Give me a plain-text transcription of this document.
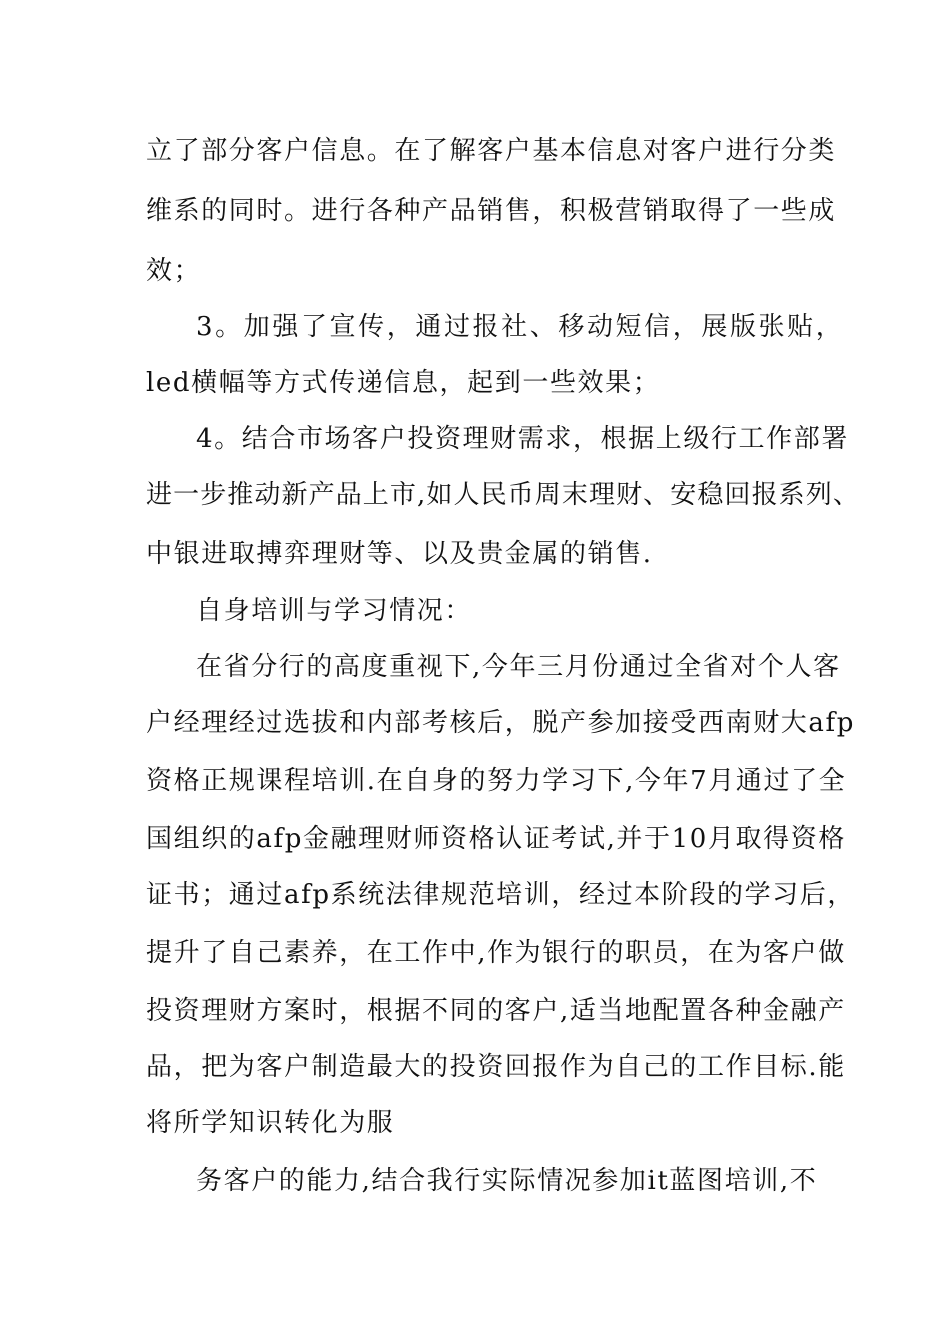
立了部分客户信息。在了解客户基本信息对客户进行分类
维系的同时。进行各种产品销售，积极营销取得了一些成
效；
3。加强了宣传，通过报社、移动短信，展版张贴，
led横幅等方式传递信息，起到一些效果；
4。结合市场客户投资理财需求，根据上级行工作部署
进一步推动新产品上市,如人民币周末理财、安稳回报系列、
中银进取搏弈理财等、以及贵金属的销售.
自身培训与学习情况：
在省分行的高度重视下,今年三月份通过全省对个人客
户经理经过选拔和内部考核后，脱产参加接受西南财大afp
资格正规课程培训.在自身的努力学习下,今年7月通过了全
国组织的afp金融理财师资格认证考试,并于10月取得资格
证书；通过afp系统法律规范培训，经过本阶段的学习后，
提升了自己素养，在工作中,作为银行的职员，在为客户做
投资理财方案时，根据不同的客户,适当地配置各种金融产
品，把为客户制造最大的投资回报作为自己的工作目标.能
将所学知识转化为服
务客户的能力,结合我行实际情况参加it蓝图培训,不
